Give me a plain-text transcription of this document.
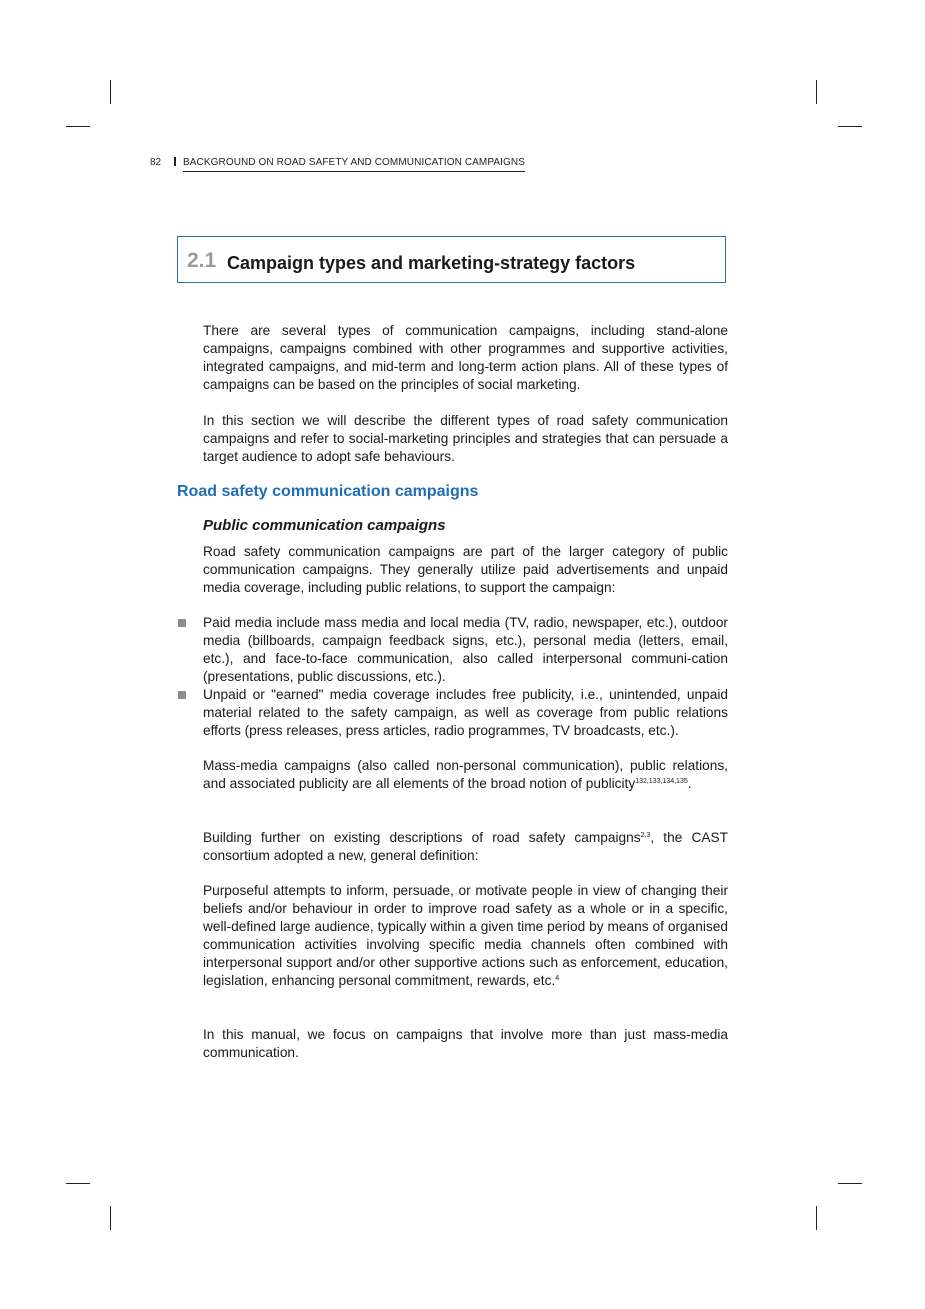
82 BACKGROUND ON ROAD SAFETY AND COMMUNICATION CAMPAIGNS
2.1 Campaign types and marketing-strategy factors

There are several types of communication campaigns, including stand-alone campaigns, campaigns combined with other programmes and supportive activities, integrated campaigns, and mid-term and long-term action plans. All of these types of campaigns can be based on the principles of social marketing.

In this section we will describe the different types of road safety communication campaigns and refer to social-marketing principles and strategies that can persuade a target audience to adopt safe behaviours.

Road safety communication campaigns
Public communication campaigns

Road safety communication campaigns are part of the larger category of public communication campaigns. They generally utilize paid advertisements and unpaid media coverage, including public relations, to support the campaign:

Paid media include mass media and local media (TV, radio, newspaper, etc.), outdoor media (billboards, campaign feedback signs, etc.), personal media (letters, email, etc.), and face-to-face communication, also called interpersonal communi-cation (presentations, public discussions, etc.).

Unpaid or "earned" media coverage includes free publicity, i.e., unintended, unpaid material related to the safety campaign, as well as coverage from public relations efforts (press releases, press articles, radio programmes, TV broadcasts, etc.).

Mass-media campaigns (also called non-personal communication), public relations, and associated publicity are all elements of the broad notion of publicity$^{132,133,134,135}$.

Building further on existing descriptions of road safety campaigns$^{2,3}$, the CAST consortium adopted a new, general definition:

Purposeful attempts to inform, persuade, or motivate people in view of changing their beliefs and/or behaviour in order to improve road safety as a whole or in a specific, well-defined large audience, typically within a given time period by means of organised communication activities involving specific media channels often combined with interpersonal support and/or other supportive actions such as enforcement, education, legislation, enhancing personal commitment, rewards, etc.$^4$

In this manual, we focus on campaigns that involve more than just mass-media communication.
